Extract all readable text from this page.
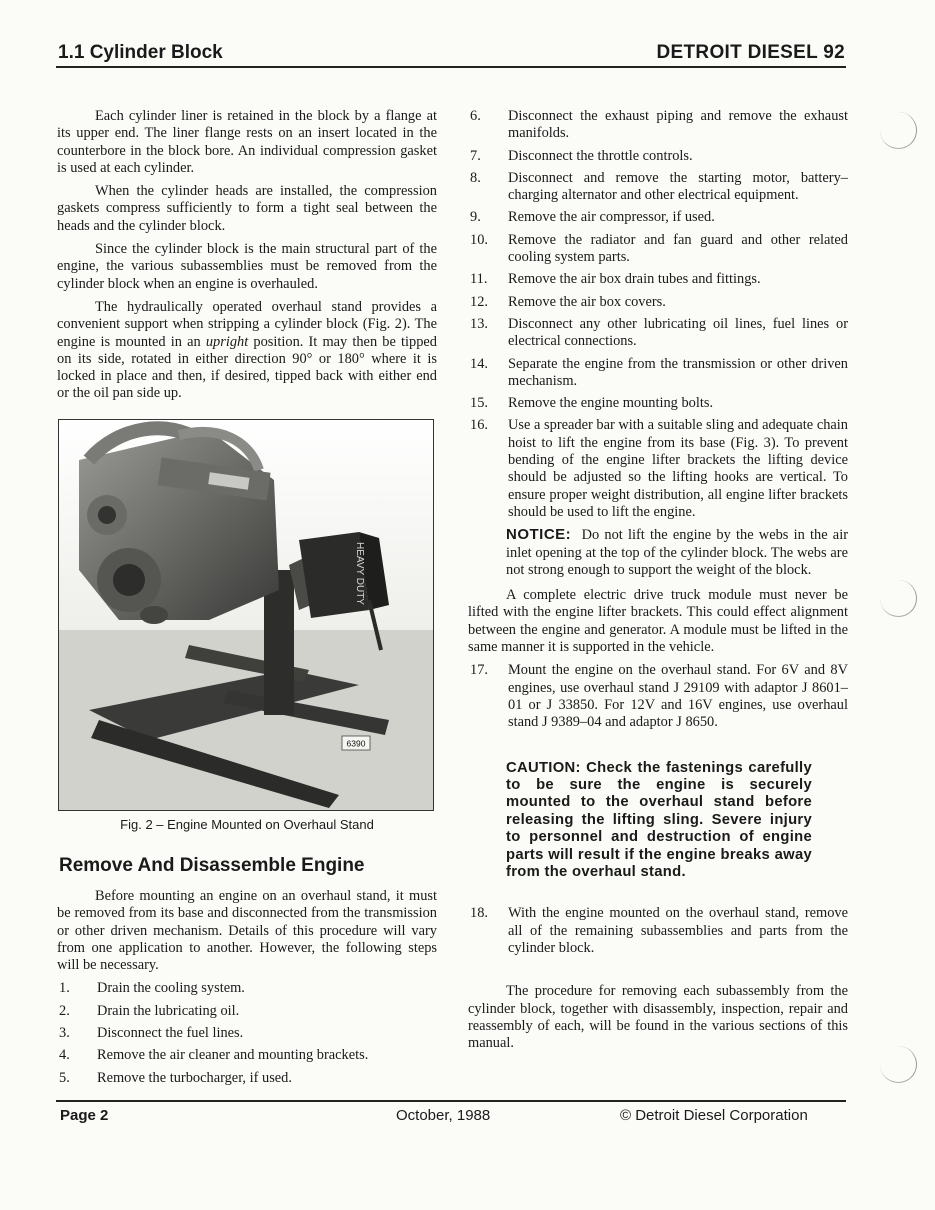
1.1 Cylinder Block	DETROIT DIESEL 92

Each cylinder liner is retained in the block by a flange at its upper end. The liner flange rests on an insert located in the counterbore in the block bore. An individual compression gasket is used at each cylinder.

When the cylinder heads are installed, the compression gaskets compress sufficiently to form a tight seal between the heads and the cylinder block.

Since the cylinder block is the main structural part of the engine, the various subassemblies must be removed from the cylinder block when an engine is overhauled.

The hydraulically operated overhaul stand provides a convenient support when stripping a cylinder block (Fig. 2). The engine is mounted in an upright position. It may then be tipped on its side, rotated in either direction 90° or 180° where it is locked in place and then, if desired, tipped back with either end or the oil pan side up.

HEAVY DUTY
6390
Fig. 2 – Engine Mounted on Overhaul Stand
Remove And Disassemble Engine

Before mounting an engine on an overhaul stand, it must be removed from its base and disconnected from the transmission or other driven mechanism. Details of this procedure will vary from one application to another. However, the following steps will be necessary.

1.	Drain the cooling system.
2.	Drain the lubricating oil.
3.	Disconnect the fuel lines.
4.	Remove the air cleaner and mounting brackets.
5.	Remove the turbocharger, if used.
6.	Disconnect the exhaust piping and remove the exhaust manifolds.
7.	Disconnect the throttle controls.
8.	Disconnect and remove the starting motor, battery–charging alternator and other electrical equipment.
9.	Remove the air compressor, if used.
10.	Remove the radiator and fan guard and other related cooling system parts.
11.	Remove the air box drain tubes and fittings.
12.	Remove the air box covers.
13.	Disconnect any other lubricating oil lines, fuel lines or electrical connections.
14.	Separate the engine from the transmission or other driven mechanism.
15.	Remove the engine mounting bolts.
16.	Use a spreader bar with a suitable sling and adequate chain hoist to lift the engine from its base (Fig. 3). To prevent bending of the engine lifter brackets the lifting device should be adjusted so the lifting hooks are vertical. To ensure proper weight distribution, all engine lifter brackets should be used to lift the engine.
NOTICE: Do not lift the engine by the webs in the air inlet opening at the top of the cylinder block. The webs are not strong enough to support the weight of the block.

A complete electric drive truck module must never be lifted with the engine lifter brackets. This could effect alignment between the engine and generator. A module must be lifted in the same manner it is supported in the vehicle.

17.	Mount the engine on the overhaul stand. For 6V and 8V engines, use overhaul stand J 29109 with adaptor J 8601–01 or J 33850. For 12V and 16V engines, use overhaul stand J 9389–04 and adaptor J 8650.
CAUTION: Check the fastenings carefully to be sure the engine is securely mounted to the overhaul stand before releasing the lifting sling. Severe injury to personnel and destruction of engine parts will result if the engine breaks away from the overhaul stand.
18.	With the engine mounted on the overhaul stand, remove all of the remaining subassemblies and parts from the cylinder block.

The procedure for removing each subassembly from the cylinder block, together with disassembly, inspection, repair and reassembly of each, will be found in the various sections of this manual.

Page 2	October, 1988	© Detroit Diesel Corporation
